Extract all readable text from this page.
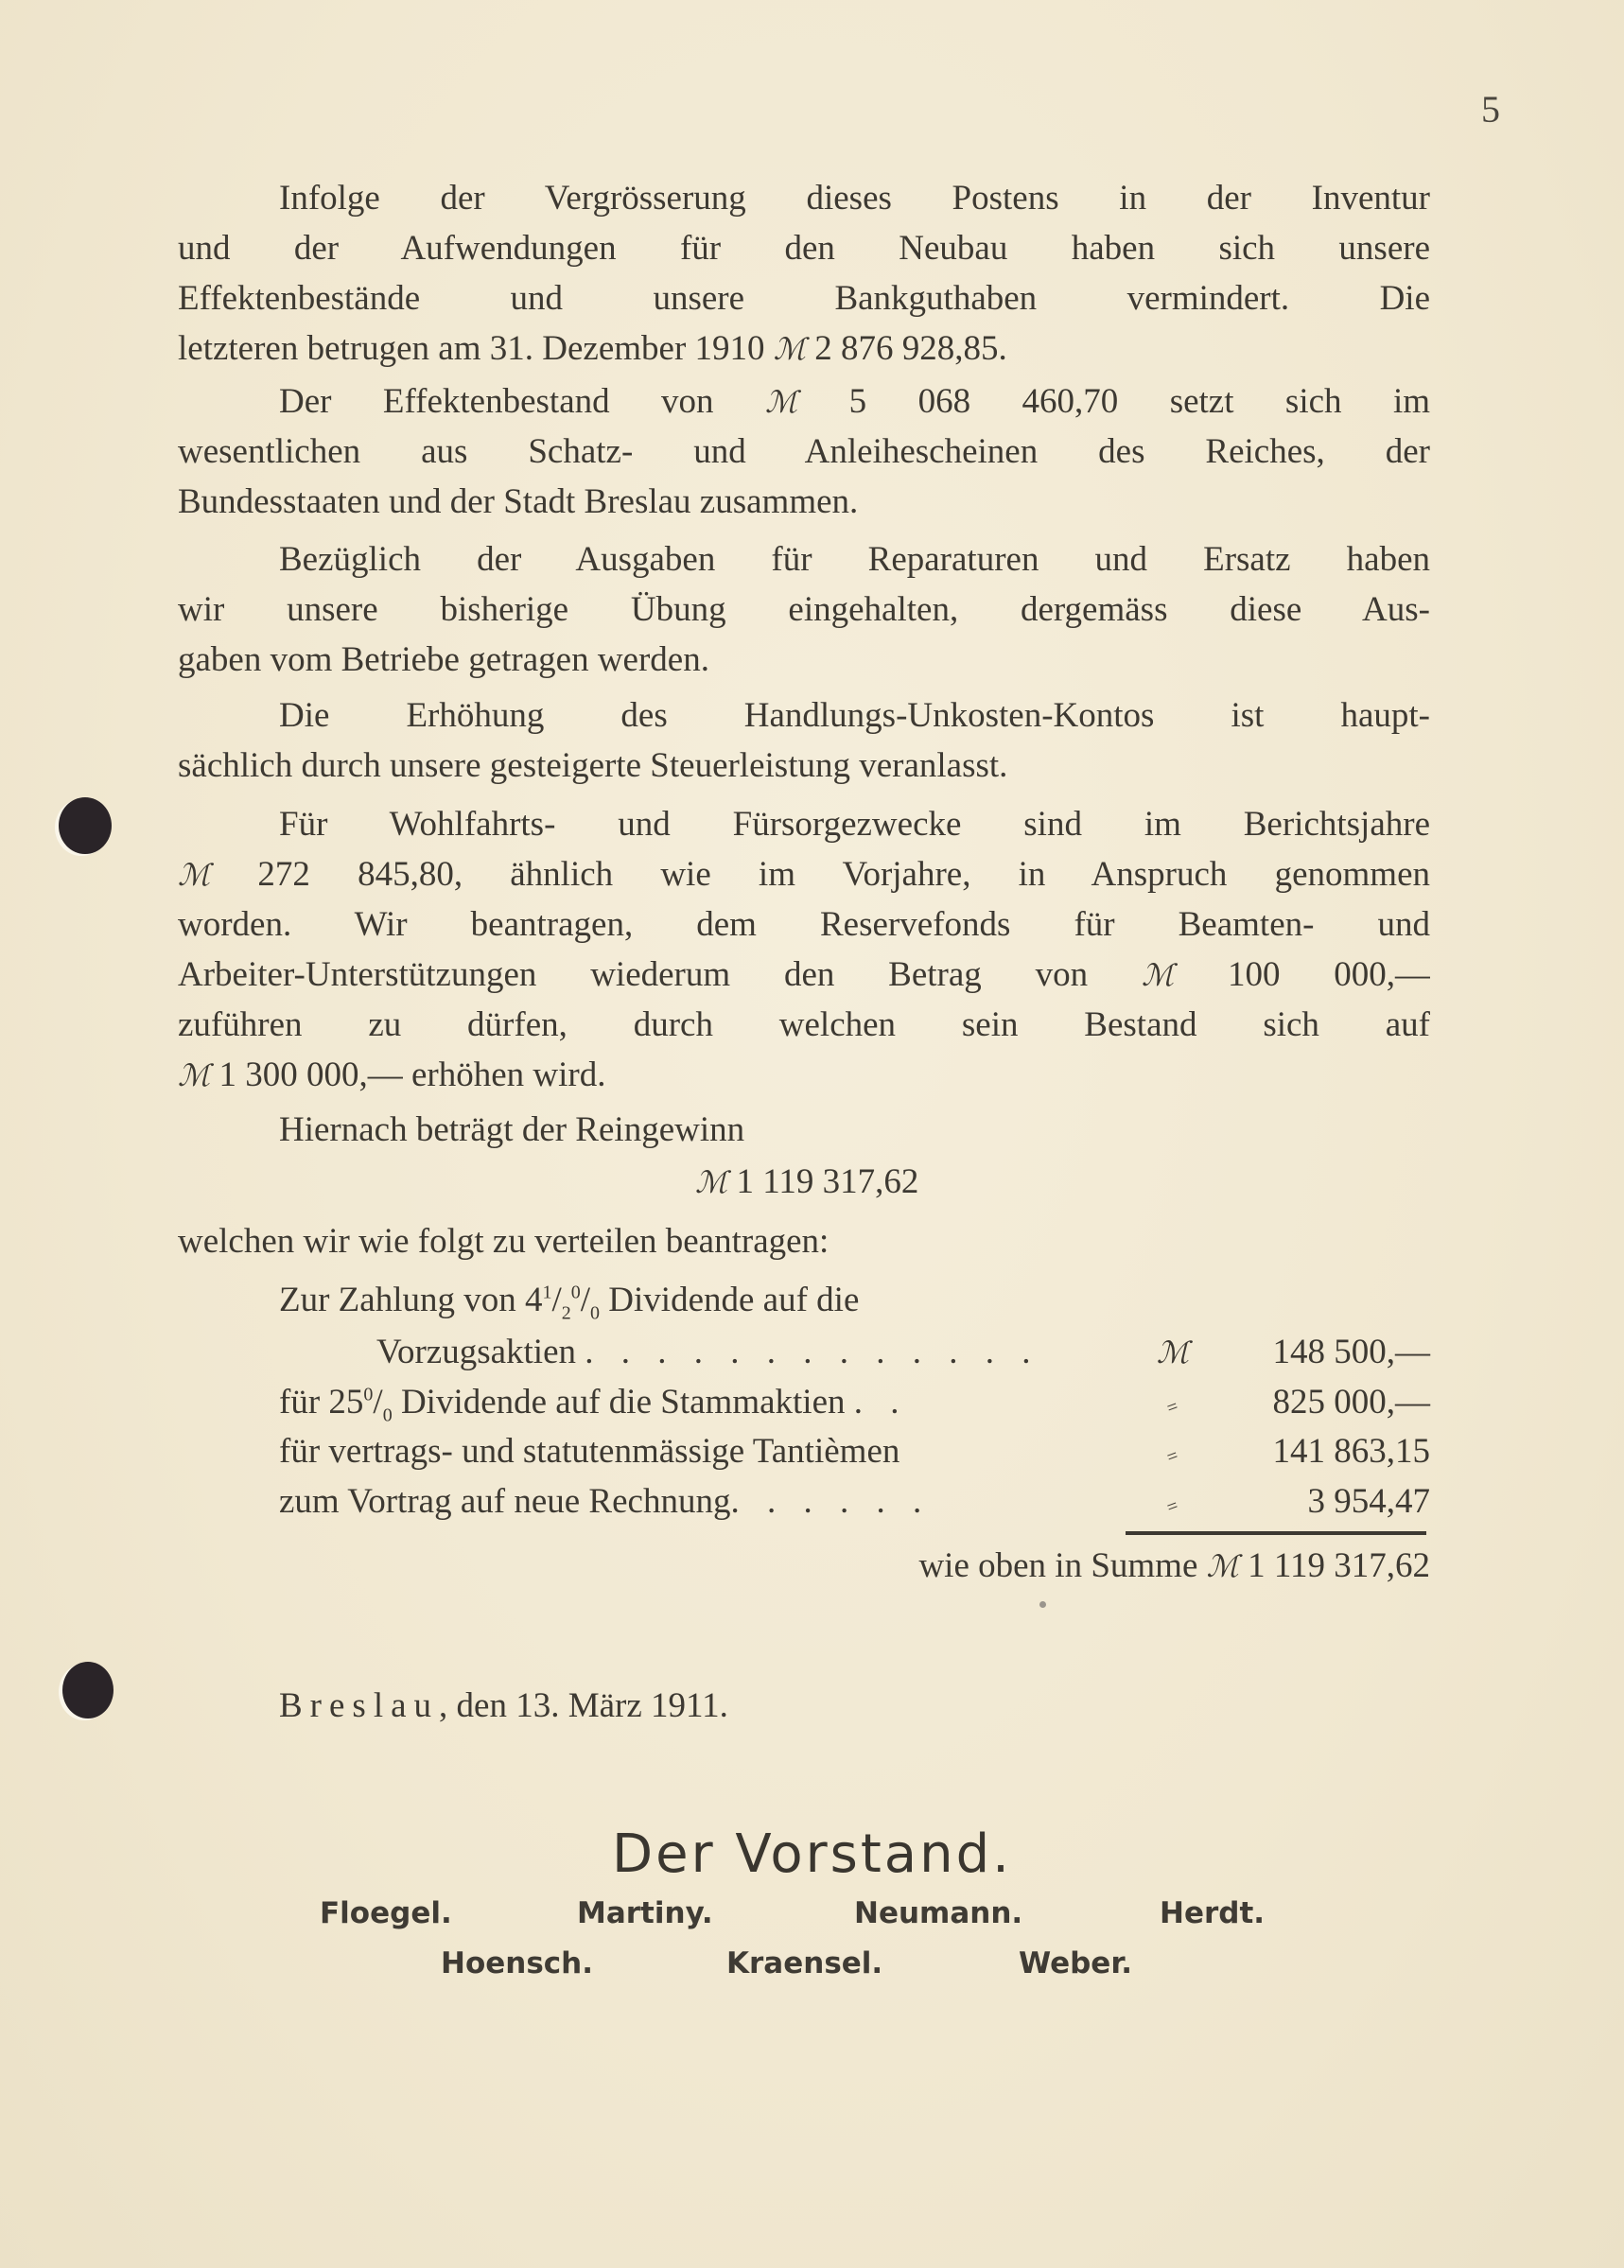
5
Infolge der Vergrösserung dieses Postens in der Inventur
und der Aufwendungen für den Neubau haben sich unsere
Effektenbestände und unsere Bankguthaben vermindert. Die
letzteren betrugen am 31. Dezember 1910 ℳ 2 876 928,85.
Der Effektenbestand von ℳ 5 068 460,70 setzt sich im
wesentlichen aus Schatz- und Anleihescheinen des Reiches, der
Bundesstaaten und der Stadt Breslau zusammen.
Bezüglich der Ausgaben für Reparaturen und Ersatz haben
wir unsere bisherige Übung eingehalten, dergemäss diese Aus-
gaben vom Betriebe getragen werden.
Die Erhöhung des Handlungs-Unkosten-Kontos ist haupt-
sächlich durch unsere gesteigerte Steuerleistung veranlasst.
Für Wohlfahrts- und Fürsorgezwecke sind im Berichtsjahre
ℳ 272 845,80, ähnlich wie im Vorjahre, in Anspruch genommen
worden. Wir beantragen, dem Reservefonds für Beamten- und
Arbeiter-Unterstützungen wiederum den Betrag von ℳ 100 000,—
zuführen zu dürfen, durch welchen sein Bestand sich auf
ℳ 1 300 000,— erhöhen wird.
Hiernach beträgt der Reingewinn
ℳ 1 119 317,62
welchen wir wie folgt zu verteilen beantragen:
Zur Zahlung von $4^1/_2^0/_0$ Dividende auf die
Vorzugsaktien . . . . . . . . . . . . .	ℳ 148 500,—
für $25^0/_0$ Dividende auf die Stammaktien . .	=	825 000,—
für vertrags- und statutenmässige Tantièmen	=	141 863,15
zum Vortrag auf neue Rechnung. . . . . .	=	3 954,47
wie oben in Summe ℳ 1 119 317,62
Breslau, den 13. März 1911.
Der Vorstand.
Floegel.	Martiny.	Neumann.	Herdt.
Hoensch.	Kraensel.	Weber.
